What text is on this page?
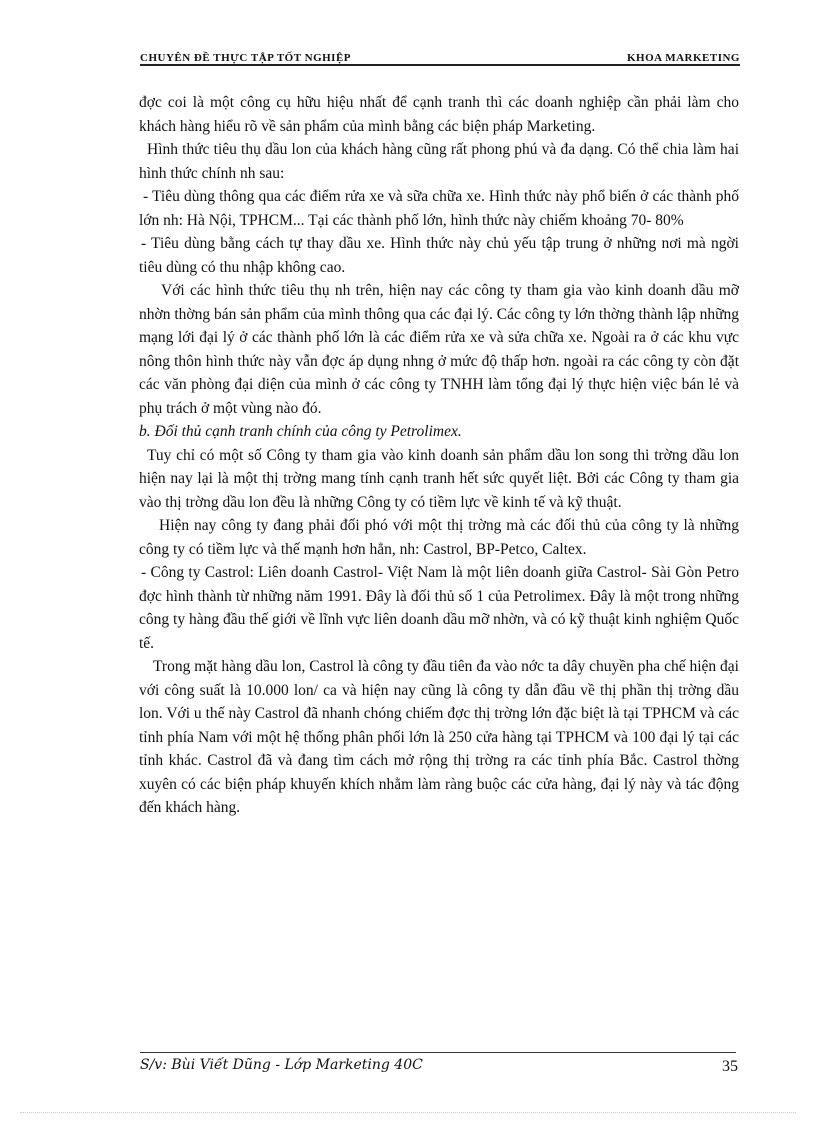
CHUYÊN ĐỀ THỰC TẬP TỐT NGHIỆP	KHOA MARKETING

đợc coi là một công cụ hữu hiệu nhất để cạnh tranh thì các doanh nghiệp cần phải làm cho khách hàng hiểu rõ về sản phẩm của mình bằng các biện pháp Marketing.

Hình thức tiêu thụ dầu lon của khách hàng cũng rất phong phú và đa dạng. Có thể chia làm hai hình thức chính nh sau:

- Tiêu dùng thông qua các điểm rửa xe và sữa chữa xe. Hình thức này phổ biến ở các thành phố lớn nh: Hà Nội, TPHCM... Tại các thành phố lớn, hình thức này chiếm khoảng 70- 80%

- Tiêu dùng bằng cách tự thay dầu xe. Hình thức này chủ yếu tập trung ở những nơi mà ngời tiêu dùng có thu nhập không cao.

Với các hình thức tiêu thụ nh trên, hiện nay các công ty tham gia vào kinh doanh dầu mỡ nhờn thờng bán sản phẩm của mình thông qua các đại lý. Các công ty lớn thờng thành lập những mạng lới đại lý ở các thành phố lớn là các điểm rửa xe và sửa chữa xe. Ngoài ra ở các khu vực nông thôn hình thức này vẫn đợc áp dụng nhng ở mức độ thấp hơn. ngoài ra các công ty còn đặt các văn phòng đại diện của mình ở các công ty TNHH làm tổng đại lý thực hiện việc bán lẻ và phụ trách ở một vùng nào đó.

b. Đối thủ cạnh tranh chính của công ty Petrolimex.

Tuy chỉ có một số Công ty tham gia vào kinh doanh sản phẩm dầu lon song thi trờng dầu lon hiện nay lại là một thị trờng mang tính cạnh tranh hết sức quyết liệt. Bởi các Công ty tham gia vào thị trờng dầu lon đều là những Công ty có tiềm lực về kinh tế và kỹ thuật.

Hiện nay công ty đang phải đối phó với một thị trờng mà các đối thủ của công ty là những công ty có tiềm lực và thế mạnh hơn hẳn, nh: Castrol, BP-Petco, Caltex.

- Công ty Castrol: Liên doanh Castrol- Việt Nam là một liên doanh giữa Castrol- Sài Gòn Petro đợc hình thành từ những năm 1991. Đây là đối thủ số 1 của Petrolimex. Đây là một trong những công ty hàng đầu thế giới về lĩnh vực liên doanh dầu mỡ nhờn, và có kỹ thuật kinh nghiệm Quốc tế.

Trong mặt hàng dầu lon, Castrol là công ty đầu tiên đa vào nớc ta dây chuyền pha chế hiện đại với công suất là 10.000 lon/ ca và hiện nay cũng là công ty dẫn đầu về thị phần thị trờng dầu lon. Với u thế này Castrol đã nhanh chóng chiếm đợc thị trờng lớn đặc biệt là tại TPHCM và các tỉnh phía Nam với một hệ thống phân phối lớn là 250 cửa hàng tại TPHCM và 100 đại lý tại các tỉnh khác. Castrol đã và đang tìm cách mở rộng thị trờng ra các tỉnh phía Bắc. Castrol thờng xuyên có các biện pháp khuyến khích nhằm làm ràng buộc các cửa hàng, đại lý này và tác động đến khách hàng.

S/v: Bùi Viết Dũng - Lớp Marketing 40C	35
